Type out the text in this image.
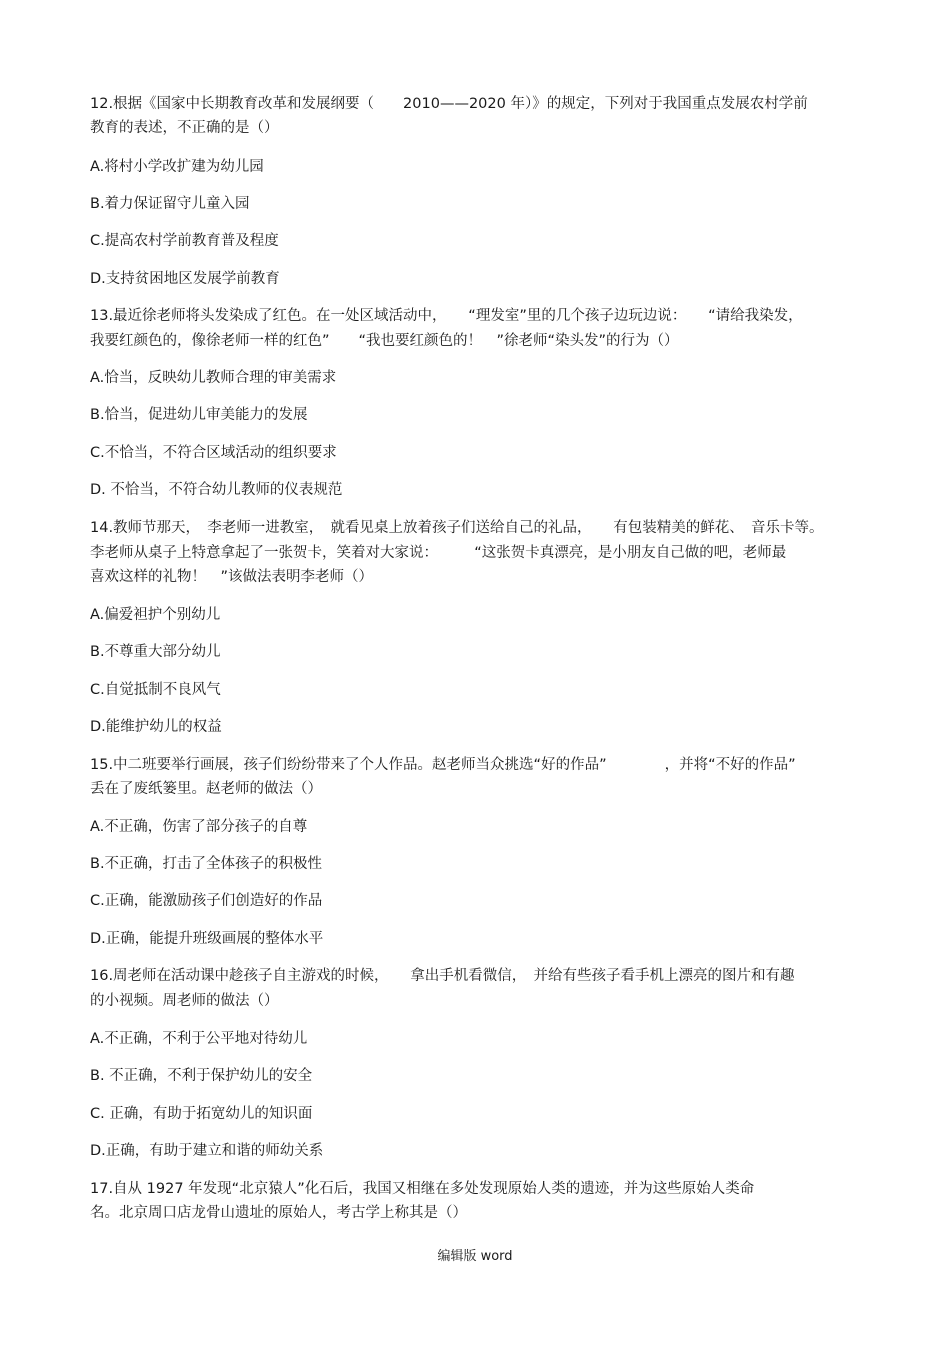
12.根据《国家中长期教育改革和发展纲要（　　2010——2020 年）》的规定，下列对于我国重点发展农村学前

教育的表述，不正确的是（）

A.将村小学改扩建为幼儿园

B.着力保证留守儿童入园

C.提高农村学前教育普及程度

D.支持贫困地区发展学前教育

13.最近徐老师将头发染成了红色。在一处区域活动中，　　“理发室”里的几个孩子边玩边说：　　“请给我染发，

我要红颜色的，像徐老师一样的红色”　　“我也要红颜色的！　”徐老师“染头发”的行为（）

A.恰当，反映幼儿教师合理的审美需求

B.恰当，促进幼儿审美能力的发展

C.不恰当，不符合区域活动的组织要求

D. 不恰当，不符合幼儿教师的仪表规范

14.教师节那天，　李老师一进教室，　就看见桌上放着孩子们送给自己的礼品，　　有包装精美的鲜花、　音乐卡等。

李老师从桌子上特意拿起了一张贺卡，笑着对大家说：　　　“这张贺卡真漂亮，是小朋友自己做的吧，老师最

喜欢这样的礼物！　”该做法表明李老师（）

A.偏爱袒护个别幼儿

B.不尊重大部分幼儿

C.自觉抵制不良风气

D.能维护幼儿的权益

15.中二班要举行画展，孩子们纷纷带来了个人作品。赵老师当众挑选“好的作品”　　　　，并将“不好的作品”

丢在了废纸篓里。赵老师的做法（）

A.不正确，伤害了部分孩子的自尊

B.不正确，打击了全体孩子的积极性

C.正确，能激励孩子们创造好的作品

D.正确，能提升班级画展的整体水平

16.周老师在活动课中趁孩子自主游戏的时候，　　拿出手机看微信，　并给有些孩子看手机上漂亮的图片和有趣

的小视频。周老师的做法（）

A.不正确，不利于公平地对待幼儿

B. 不正确，不利于保护幼儿的安全

C. 正确，有助于拓宽幼儿的知识面

D.正确，有助于建立和谐的师幼关系

17.自从 1927 年发现“北京猿人”化石后，我国又相继在多处发现原始人类的遗迹，并为这些原始人类命

名。北京周口店龙骨山遗址的原始人，考古学上称其是（）

编辑版 word
